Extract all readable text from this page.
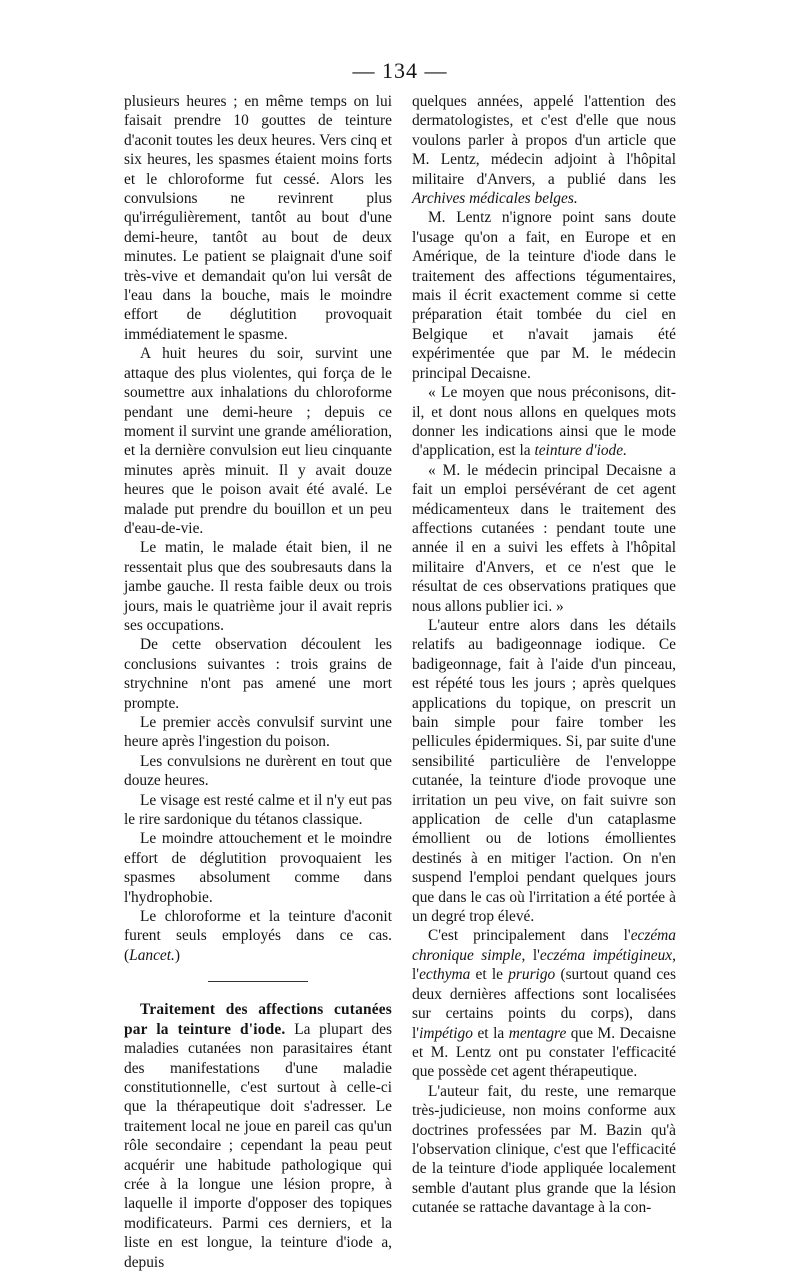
— 134 —

plusieurs heures ; en même temps on lui faisait prendre 10 gouttes de teinture d'aconit toutes les deux heures. Vers cinq et six heures, les spasmes étaient moins forts et le chloroforme fut cessé. Alors les convulsions ne revinrent plus qu'irrégulièrement, tantôt au bout d'une demi-heure, tantôt au bout de deux minutes. Le patient se plaignait d'une soif très-vive et demandait qu'on lui versât de l'eau dans la bouche, mais le moindre effort de déglutition provoquait immédiatement le spasme.

A huit heures du soir, survint une attaque des plus violentes, qui força de le soumettre aux inhalations du chloroforme pendant une demi-heure ; depuis ce moment il survint une grande amélioration, et la dernière convulsion eut lieu cinquante minutes après minuit. Il y avait douze heures que le poison avait été avalé. Le malade put prendre du bouillon et un peu d'eau-de-vie.

Le matin, le malade était bien, il ne ressentait plus que des soubresauts dans la jambe gauche. Il resta faible deux ou trois jours, mais le quatrième jour il avait repris ses occupations.

De cette observation découlent les conclusions suivantes : trois grains de strychnine n'ont pas amené une mort prompte.

Le premier accès convulsif survint une heure après l'ingestion du poison.

Les convulsions ne durèrent en tout que douze heures.

Le visage est resté calme et il n'y eut pas le rire sardonique du tétanos classique.

Le moindre attouchement et le moindre effort de déglutition provoquaient les spasmes absolument comme dans l'hydrophobie.

Le chloroforme et la teinture d'aconit furent seuls employés dans ce cas. (Lancet.)

Traitement des affections cutanées par la teinture d'iode. La plupart des maladies cutanées non parasitaires étant des manifestations d'une maladie constitutionnelle, c'est surtout à celle-ci que la thérapeutique doit s'adresser. Le traitement local ne joue en pareil cas qu'un rôle secondaire ; cependant la peau peut acquérir une habitude pathologique qui crée à la longue une lésion propre, à laquelle il importe d'opposer des topiques modificateurs. Parmi ces derniers, et la liste en est longue, la teinture d'iode a, depuis

quelques années, appelé l'attention des dermatologistes, et c'est d'elle que nous voulons parler à propos d'un article que M. Lentz, médecin adjoint à l'hôpital militaire d'Anvers, a publié dans les Archives médicales belges.

M. Lentz n'ignore point sans doute l'usage qu'on a fait, en Europe et en Amérique, de la teinture d'iode dans le traitement des affections tégumentaires, mais il écrit exactement comme si cette préparation était tombée du ciel en Belgique et n'avait jamais été expérimentée que par M. le médecin principal Decaisne.

« Le moyen que nous préconisons, dit-il, et dont nous allons en quelques mots donner les indications ainsi que le mode d'application, est la teinture d'iode.

« M. le médecin principal Decaisne a fait un emploi persévérant de cet agent médicamenteux dans le traitement des affections cutanées : pendant toute une année il en a suivi les effets à l'hôpital militaire d'Anvers, et ce n'est que le résultat de ces observations pratiques que nous allons publier ici. »

L'auteur entre alors dans les détails relatifs au badigeonnage iodique. Ce badigeonnage, fait à l'aide d'un pinceau, est répété tous les jours ; après quelques applications du topique, on prescrit un bain simple pour faire tomber les pellicules épidermiques. Si, par suite d'une sensibilité particulière de l'enveloppe cutanée, la teinture d'iode provoque une irritation un peu vive, on fait suivre son application de celle d'un cataplasme émollient ou de lotions émollientes destinés à en mitiger l'action. On n'en suspend l'emploi pendant quelques jours que dans le cas où l'irritation a été portée à un degré trop élevé.

C'est principalement dans l'eczéma chronique simple, l'eczéma impétigineux, l'ecthyma et le prurigo (surtout quand ces deux dernières affections sont localisées sur certains points du corps), dans l'impétigo et la mentagre que M. Decaisne et M. Lentz ont pu constater l'efficacité que possède cet agent thérapeutique.

L'auteur fait, du reste, une remarque très-judicieuse, non moins conforme aux doctrines professées par M. Bazin qu'à l'observation clinique, c'est que l'efficacité de la teinture d'iode appliquée localement semble d'autant plus grande que la lésion cutanée se rattache davantage à la con-
